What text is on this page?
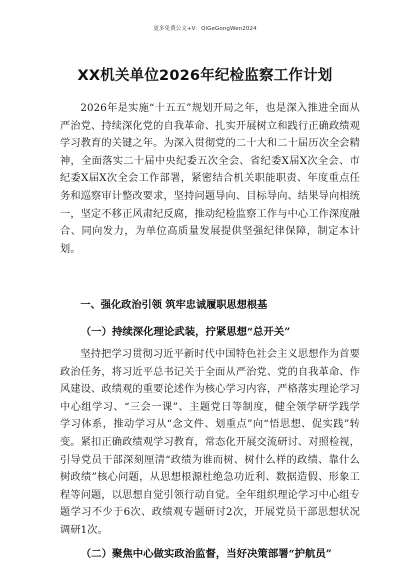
更多免费公文+V：QiGeGongWen2024
XX机关单位2026年纪检监察工作计划
2026年是实施“十五五”规划开局之年，也是深入推进全面从严治党、持续深化党的自我革命、扎实开展树立和践行正确政绩观学习教育的关键之年。为深入贯彻党的二十大和二十届历次全会精神，全面落实二十届中央纪委五次全会、省纪委X届X次全会、市纪委X届X次全会工作部署，紧密结合机关职能职责、年度重点任务和巡察审计整改要求，坚持问题导向、目标导向、结果导向相统一，坚定不移正风肃纪反腐，推动纪检监察工作与中心工作深度融合、同向发力，为单位高质量发展提供坚强纪律保障，制定本计划。
一、强化政治引领 筑牢忠诚履职思想根基
（一）持续深化理论武装，拧紧思想“总开关”
坚持把学习贯彻习近平新时代中国特色社会主义思想作为首要政治任务，将习近平总书记关于全面从严治党、党的自我革命、作风建设、政绩观的重要论述作为核心学习内容，严格落实理论学习中心组学习、“三会一课”、主题党日等制度，健全领学研学践学学习体系，推动学习从“念文件、划重点”向“悟思想、促实践”转变。紧扣正确政绩观学习教育，常态化开展交流研讨、对照检视，引导党员干部深刻厘清“政绩为谁而树、树什么样的政绩、靠什么树政绩”核心问题，从思想根源杜绝急功近利、数据造假、形象工程等问题，以思想自觉引领行动自觉。全年组织理论学习中心组专题学习不少于6次、政绩观专题研讨2次，开展党员干部思想状况调研1次。
（二）聚焦中心做实政治监督，当好决策部署“护航员”
